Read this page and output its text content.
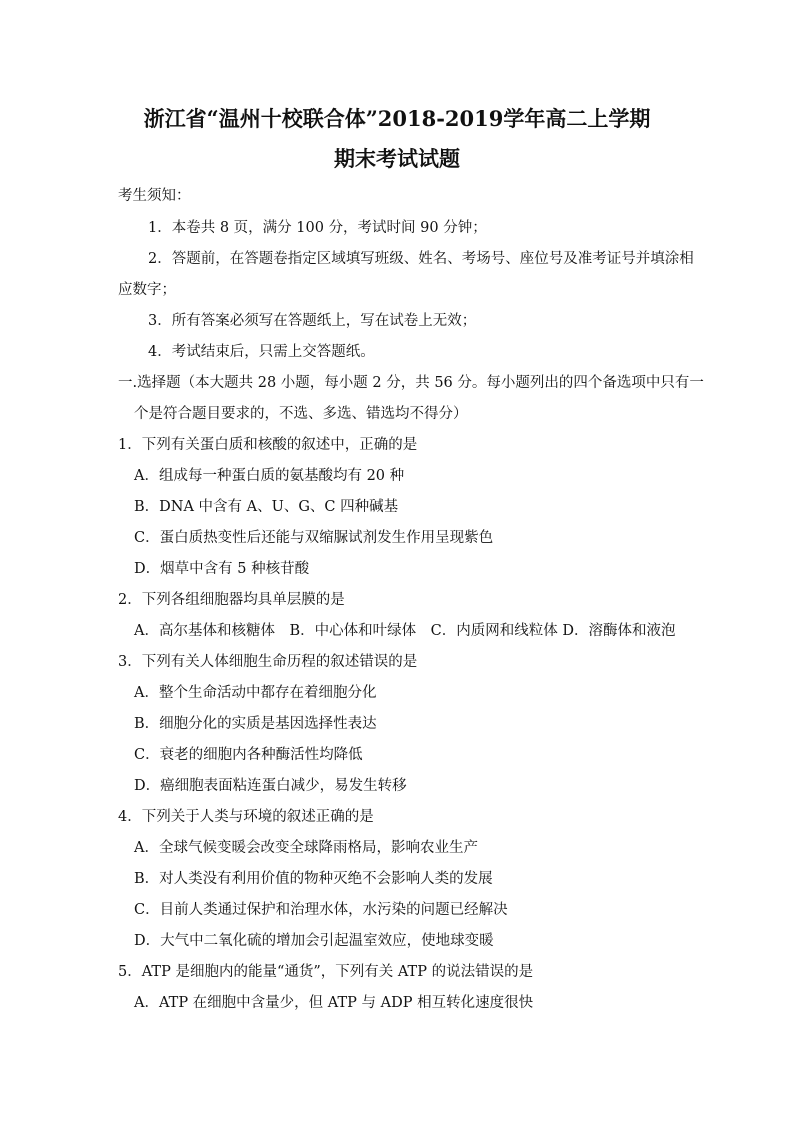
浙江省“温州十校联合体”2018-2019学年高二上学期
期末考试试题
考生须知：
1．本卷共 8 页，满分 100 分，考试时间 90 分钟；
2．答题前，在答题卷指定区域填写班级、姓名、考场号、座位号及准考证号并填涂相
应数字；
3．所有答案必须写在答题纸上，写在试卷上无效；
4．考试结束后，只需上交答题纸。
一.选择题（本大题共 28 小题，每小题 2 分，共 56 分。每小题列出的四个备选项中只有一
个是符合题目要求的，不选、多选、错选均不得分）
1．下列有关蛋白质和核酸的叙述中，正确的是
A．组成每一种蛋白质的氨基酸均有 20 种
B．DNA 中含有 A、U、G、C 四种碱基
C．蛋白质热变性后还能与双缩脲试剂发生作用呈现紫色
D．烟草中含有 5 种核苷酸
2．下列各组细胞器均具单层膜的是
A．高尔基体和核糖体　B．中心体和叶绿体　C．内质网和线粒体 D．溶酶体和液泡
3．下列有关人体细胞生命历程的叙述错误的是
A．整个生命活动中都存在着细胞分化
B．细胞分化的实质是基因选择性表达
C．衰老的细胞内各种酶活性均降低
D．癌细胞表面粘连蛋白减少，易发生转移
4．下列关于人类与环境的叙述正确的是
A．全球气候变暖会改变全球降雨格局，影响农业生产
B．对人类没有利用价值的物种灭绝不会影响人类的发展
C．目前人类通过保护和治理水体，水污染的问题已经解决
D．大气中二氧化硫的增加会引起温室效应，使地球变暖
5．ATP 是细胞内的能量“通货”，下列有关 ATP 的说法错误的是
A．ATP 在细胞中含量少，但 ATP 与 ADP 相互转化速度很快
